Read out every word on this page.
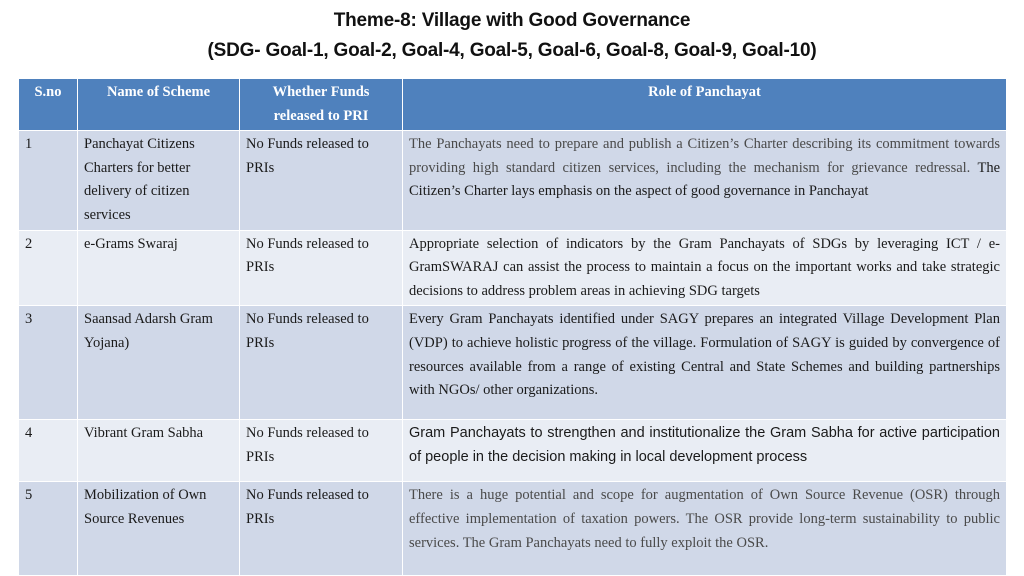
Theme-8: Village with Good Governance
(SDG- Goal-1, Goal-2, Goal-4, Goal-5, Goal-6, Goal-8, Goal-9, Goal-10)
S.no	Name of Scheme	Whether Funds released to PRI	Role of Panchayat
1	Panchayat Citizens Charters for better delivery of citizen services	No Funds released to PRIs	The Panchayats need to prepare and publish a Citizen’s Charter describing its commitment towards providing high standard citizen services, including the mechanism for grievance redressal. The Citizen’s Charter lays emphasis on the aspect of good governance in Panchayat
2	e-Grams Swaraj	No Funds released to PRIs	Appropriate selection of indicators by the Gram Panchayats of SDGs by leveraging ICT / e-GramSWARAJ can assist the process to maintain a focus on the important works and take strategic decisions to address problem areas in achieving SDG targets
3	Saansad Adarsh Gram Yojana)	No Funds released to PRIs	Every Gram Panchayats identified under SAGY prepares an integrated Village Development Plan (VDP) to achieve holistic progress of the village. Formulation of SAGY is guided by convergence of resources available from a range of existing Central and State Schemes and building partnerships with NGOs/ other organizations.
4	Vibrant Gram Sabha	No Funds released to PRIs	Gram Panchayats to strengthen and institutionalize the Gram Sabha for active participation of people in the decision making in local development process
5	Mobilization of Own Source Revenues	No Funds released to PRIs	There is a huge potential and scope for augmentation of Own Source Revenue (OSR) through effective implementation of taxation powers. The OSR provide long-term sustainability to public services. The Gram Panchayats need to fully exploit the OSR.
